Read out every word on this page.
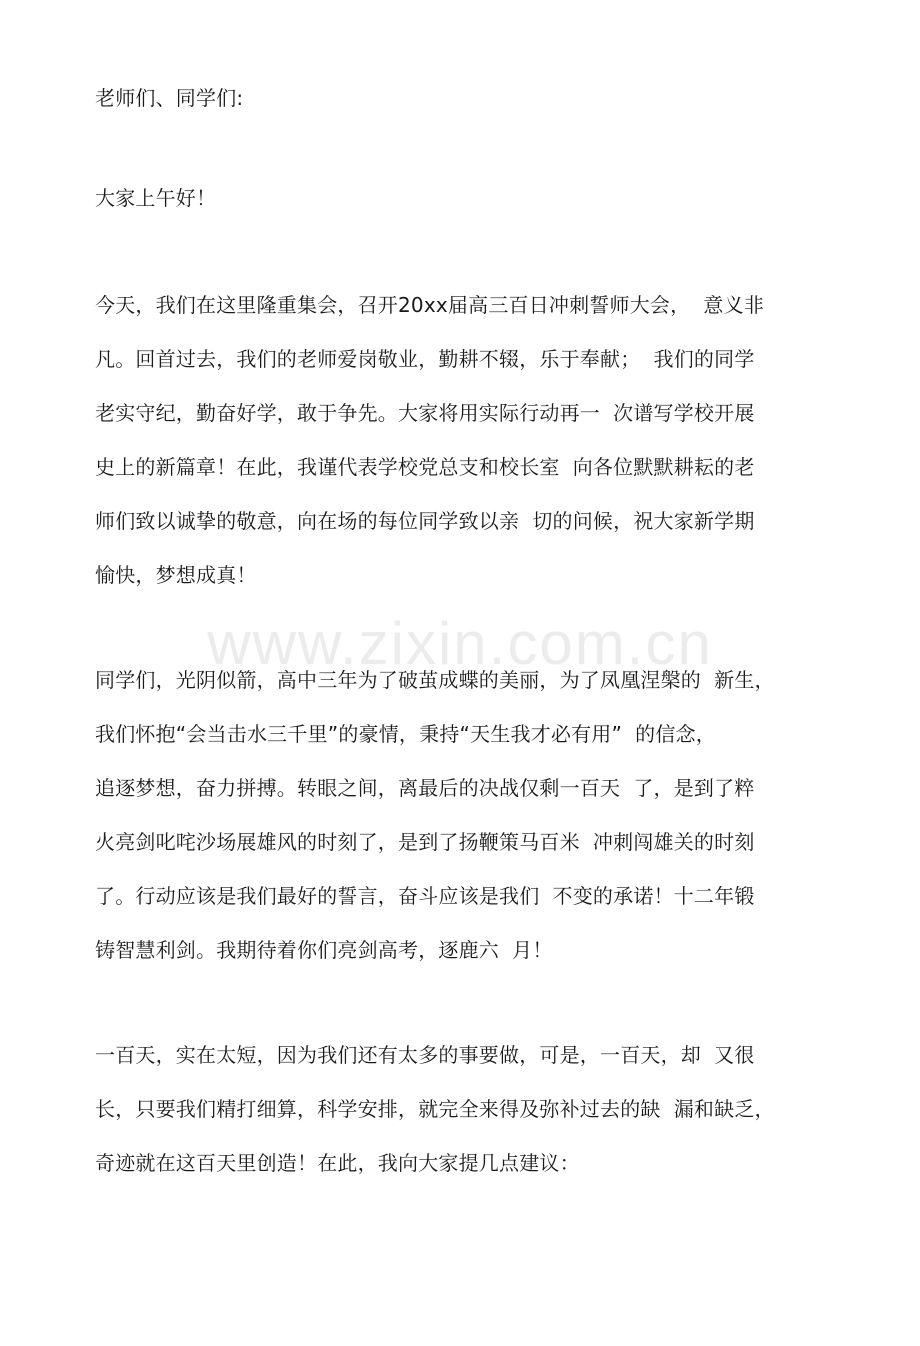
www.zixin.com.cn
老师们、同学们:
大家上午好！
今天，我们在这里隆重集会，召开20xx届高三百日冲刺誓师大会，  意义非
凡。回首过去，我们的老师爱岗敬业，勤耕不辍，乐于奉献；  我们的同学
老实守纪，勤奋好学，敢于争先。大家将用实际行动再一  次谱写学校开展
史上的新篇章！在此，我谨代表学校党总支和校长室  向各位默默耕耘的老
师们致以诚挚的敬意，向在场的每位同学致以亲  切的问候，祝大家新学期
愉快，梦想成真！
同学们，光阴似箭，高中三年为了破茧成蝶的美丽，为了凤凰涅槃的  新生，
我们怀抱“会当击水三千里”的豪情，秉持“天生我才必有用”  的信念，
追逐梦想，奋力拼搏。转眼之间，离最后的决战仅剩一百天  了，是到了粹
火亮剑叱咤沙场展雄风的时刻了，是到了扬鞭策马百米  冲刺闯雄关的时刻
了。行动应该是我们最好的誓言，奋斗应该是我们  不变的承诺！十二年锻
铸智慧利剑。我期待着你们亮剑高考，逐鹿六  月！
一百天，实在太短，因为我们还有太多的事要做，可是，一百天，却  又很
长，只要我们精打细算，科学安排，就完全来得及弥补过去的缺  漏和缺乏，
奇迹就在这百天里创造！在此，我向大家提几点建议：
